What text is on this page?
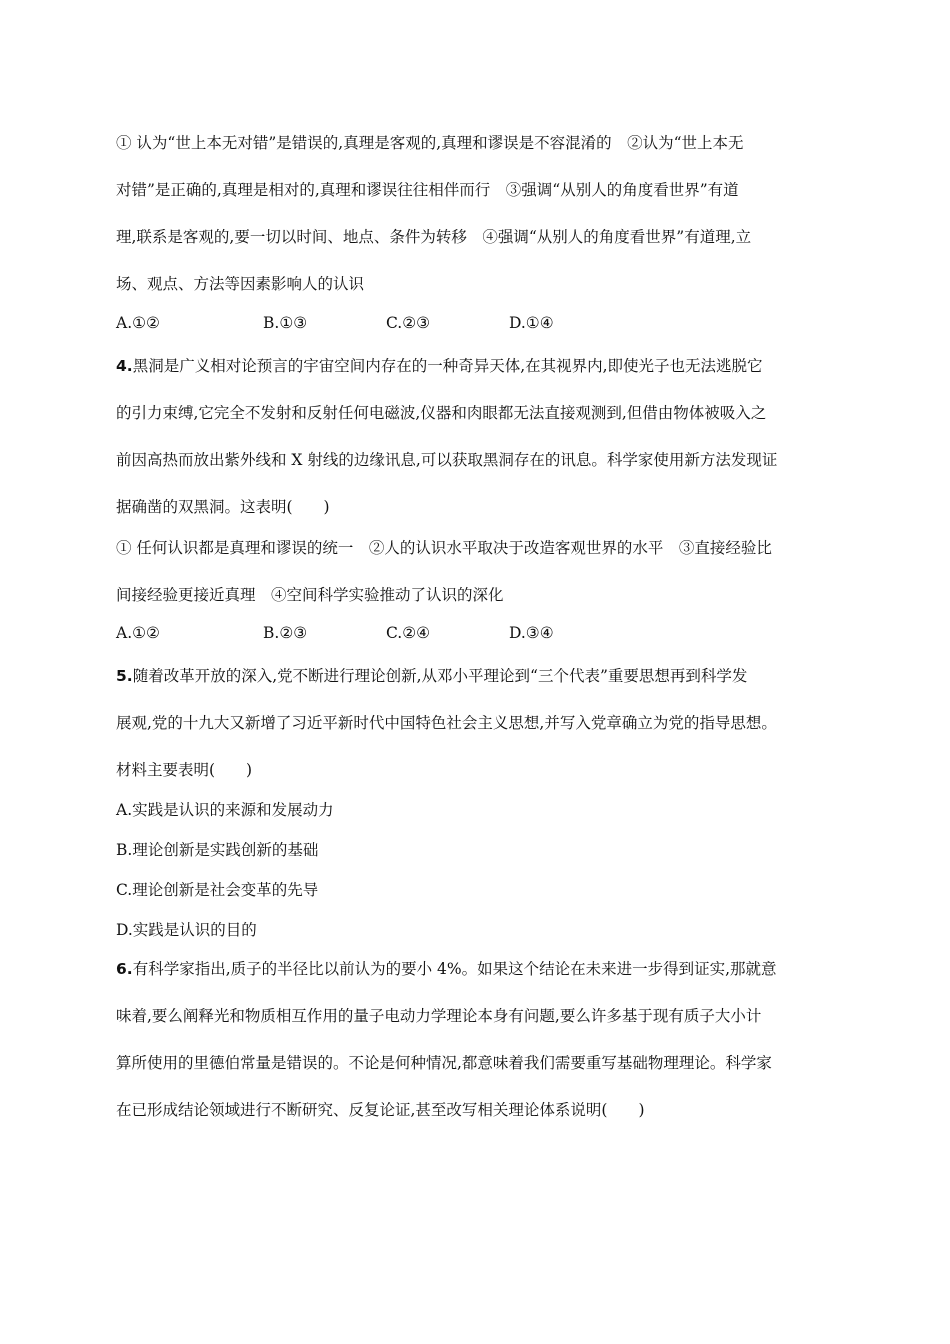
① 认为“世上本无对错”是错误的,真理是客观的,真理和谬误是不容混淆的　②认为“世上本无
对错”是正确的,真理是相对的,真理和谬误往往相伴而行　③强调“从别人的角度看世界”有道
理,联系是客观的,要一切以时间、地点、条件为转移　④强调“从别人的角度看世界”有道理,立
场、观点、方法等因素影响人的认识
A.①②	B.①③	C.②③	D.①④
4.黑洞是广义相对论预言的宇宙空间内存在的一种奇异天体,在其视界内,即使光子也无法逃脱它
的引力束缚,它完全不发射和反射任何电磁波,仪器和肉眼都无法直接观测到,但借由物体被吸入之
前因高热而放出紫外线和 X 射线的边缘讯息,可以获取黑洞存在的讯息。科学家使用新方法发现证
据确凿的双黑洞。这表明(　　)
① 任何认识都是真理和谬误的统一　②人的认识水平取决于改造客观世界的水平　③直接经验比
间接经验更接近真理　④空间科学实验推动了认识的深化
A.①②	B.②③	C.②④	D.③④
5.随着改革开放的深入,党不断进行理论创新,从邓小平理论到“三个代表”重要思想再到科学发
展观,党的十九大又新增了习近平新时代中国特色社会主义思想,并写入党章确立为党的指导思想。
材料主要表明(　　)
A.实践是认识的来源和发展动力
B.理论创新是实践创新的基础
C.理论创新是社会变革的先导
D.实践是认识的目的
6.有科学家指出,质子的半径比以前认为的要小 4%。如果这个结论在未来进一步得到证实,那就意
味着,要么阐释光和物质相互作用的量子电动力学理论本身有问题,要么许多基于现有质子大小计
算所使用的里德伯常量是错误的。不论是何种情况,都意味着我们需要重写基础物理理论。科学家
在已形成结论领域进行不断研究、反复论证,甚至改写相关理论体系说明(　　)
